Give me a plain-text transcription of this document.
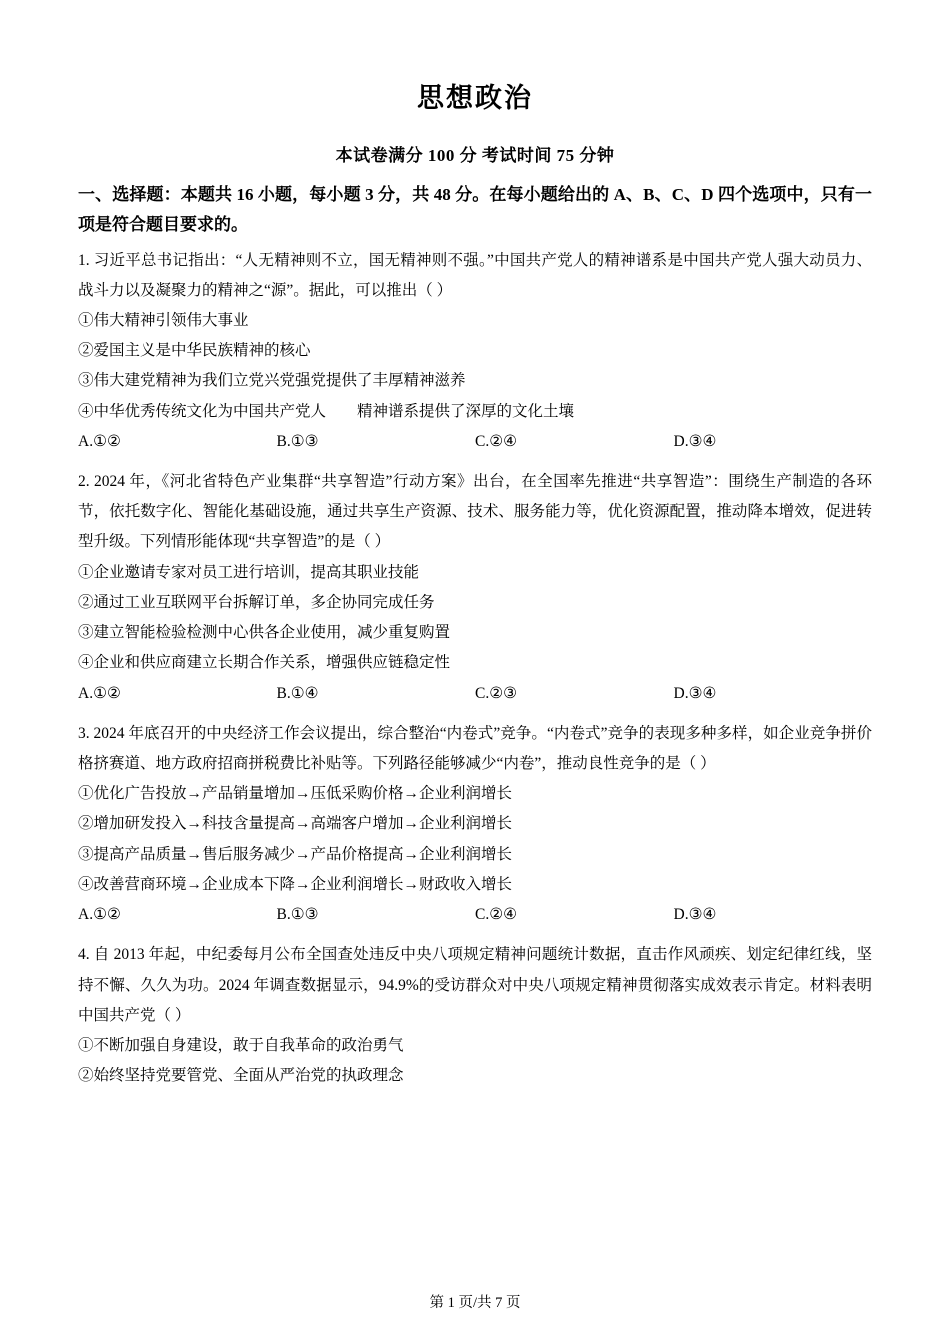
思想政治
本试卷满分 100 分 考试时间 75 分钟
一、选择题：本题共 16 小题，每小题 3 分，共 48 分。在每小题给出的 A、B、C、D 四个选项中，只有一项是符合题目要求的。

1. 习近平总书记指出：“人无精神则不立，国无精神则不强。”中国共产党人的精神谱系是中国共产党人强大动员力、战斗力以及凝聚力的精神之“源”。据此，可以推出（ ）

①伟大精神引领伟大事业

②爱国主义是中华民族精神的核心

③伟大建党精神为我们立党兴党强党提供了丰厚精神滋养

④中华优秀传统文化为中国共产党人　　精神谱系提供了深厚的文化土壤

A.①②	B.①③	C.②④	D.③④

2. 2024 年，《河北省特色产业集群“共享智造”行动方案》出台，在全国率先推进“共享智造”：围绕生产制造的各环节，依托数字化、智能化基础设施，通过共享生产资源、技术、服务能力等，优化资源配置，推动降本增效，促进转型升级。下列情形能体现“共享智造”的是（ ）

①企业邀请专家对员工进行培训，提高其职业技能

②通过工业互联网平台拆解订单，多企协同完成任务

③建立智能检验检测中心供各企业使用，减少重复购置

④企业和供应商建立长期合作关系，增强供应链稳定性

A.①②	B.①④	C.②③	D.③④

3. 2024 年底召开的中央经济工作会议提出，综合整治“内卷式”竞争。“内卷式”竞争的表现多种多样，如企业竞争拼价格挤赛道、地方政府招商拼税费比补贴等。下列路径能够减少“内卷”，推动良性竞争的是（ ）

①优化广告投放→产品销量增加→压低采购价格→企业利润增长

②增加研发投入→科技含量提高→高端客户增加→企业利润增长

③提高产品质量→售后服务减少→产品价格提高→企业利润增长

④改善营商环境→企业成本下降→企业利润增长→财政收入增长

A.①②	B.①③	C.②④	D.③④

4. 自 2013 年起，中纪委每月公布全国查处违反中央八项规定精神问题统计数据，直击作风顽疾、划定纪律红线，坚持不懈、久久为功。2024 年调查数据显示，94.9%的受访群众对中央八项规定精神贯彻落实成效表示肯定。材料表明中国共产党（ ）

①不断加强自身建设，敢于自我革命的政治勇气

②始终坚持党要管党、全面从严治党的执政理念

第 1 页/共 7 页
